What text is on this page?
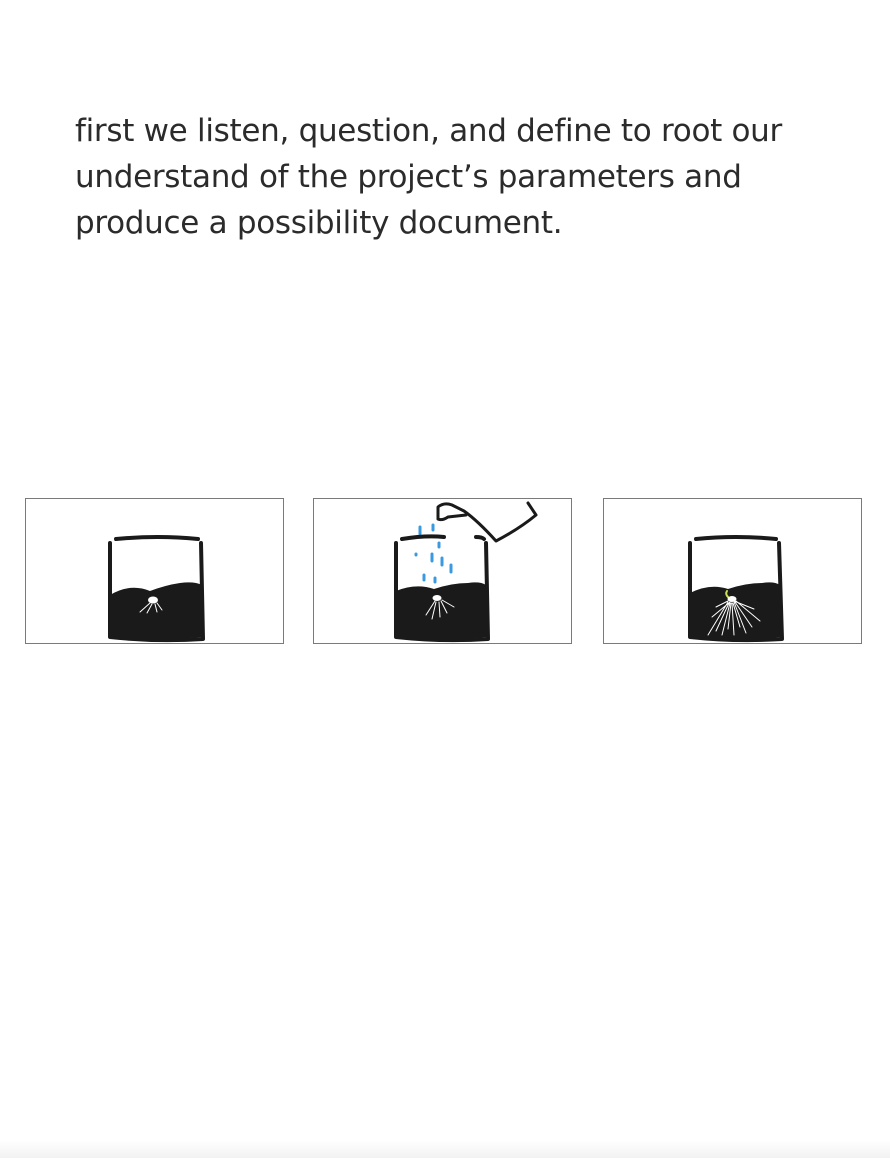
first we listen, question, and define to root our understand of the project’s parameters and produce a possibility document.
